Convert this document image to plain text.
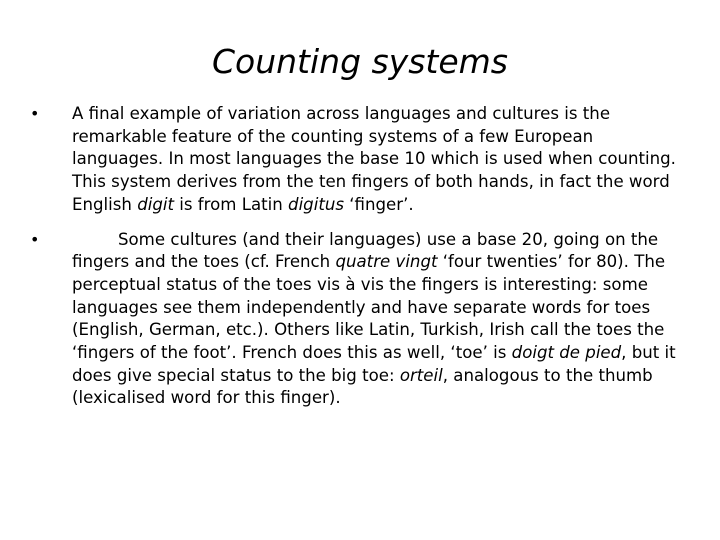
Counting systems
• A final example of variation across languages and cultures is the remarkable feature of the counting systems of a few European languages. In most languages the base 10 which is used when counting. This system derives from the ten fingers of both hands, in fact the word English digit is from Latin digitus ‘finger’.
•	Some cultures (and their languages) use a base 20, going on the fingers and the toes (cf. French quatre vingt ‘four twenties’ for 80). The perceptual status of the toes vis à vis the fingers is interesting: some languages see them independently and have separate words for toes (English, German, etc.). Others like Latin, Turkish, Irish call the toes the ‘fingers of the foot’. French does this as well, ‘toe’ is doigt de pied, but it does give special status to the big toe: orteil, analogous to the thumb (lexicalised word for this finger).
